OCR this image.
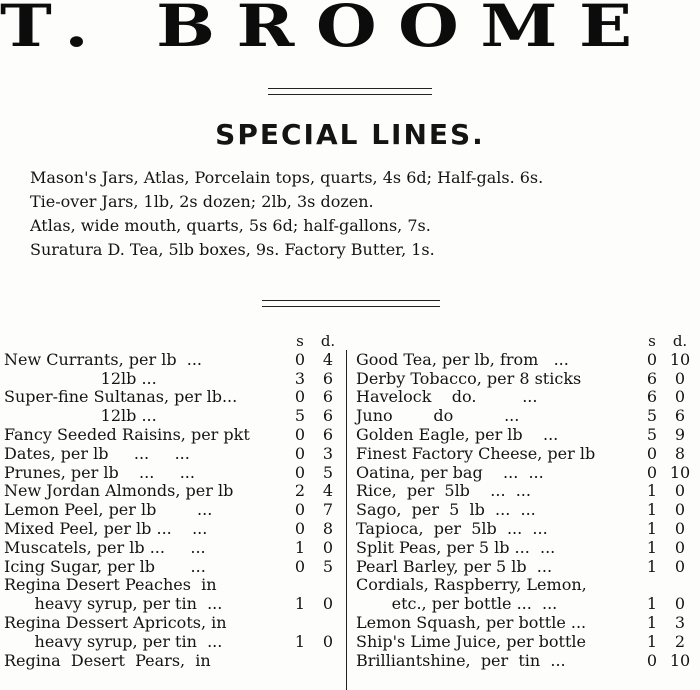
T. BROOME
SPECIAL LINES.
Mason's Jars, Atlas, Porcelain tops, quarts, 4s 6d; Half-gals. 6s.
Tie-over Jars, 1lb, 2s dozen; 2lb, 3s dozen.
Atlas, wide mouth, quarts, 5s 6d; half-gallons, 7s.
Suratura D. Tea, 5lb boxes, 9s. Factory Butter, 1s.
s	d.
New Currants, per lb  ...	0	4
12lb ...	3	6
Super-fine Sultanas, per lb...	0	6
12lb ...	5	6
Fancy Seeded Raisins, per pkt	0	6
Dates, per lb     ...     ...	0	3
Prunes, per lb    ...     ...	0	5
New Jordan Almonds, per lb	2	4
Lemon Peel, per lb        ...	0	7
Mixed Peel, per lb ...    ...	0	8
Muscatels, per lb ...     ...	1	0
Icing Sugar, per lb       ...	0	5
Regina Desert Peaches  in
heavy syrup, per tin  ...	1	0
Regina Dessert Apricots, in
heavy syrup, per tin  ...	1	0
Regina  Desert  Pears,  in
s	d.
Good Tea, per lb, from   ...	0 10
Derby Tobacco, per 8 sticks	6	0
Havelock    do.         ...	6	0
Juno        do          ...	5	6
Golden Eagle, per lb    ...	5	9
Finest Factory Cheese, per lb	0	8
Oatina, per bag    ...  ...	0 10
Rice,  per  5lb    ...  ...	1	0
Sago,  per  5  lb  ...  ...	1	0
Tapioca,  per  5lb  ...  ...	1	0
Split Peas, per 5 lb ...  ...	1	0
Pearl Barley, per 5 lb  ...	1	0
Cordials, Raspberry, Lemon,
etc., per bottle ...  ...	1	0
Lemon Squash, per bottle ...	1	3
Ship's Lime Juice, per bottle	1	2
Brilliantshine,  per  tin  ...	0 10
